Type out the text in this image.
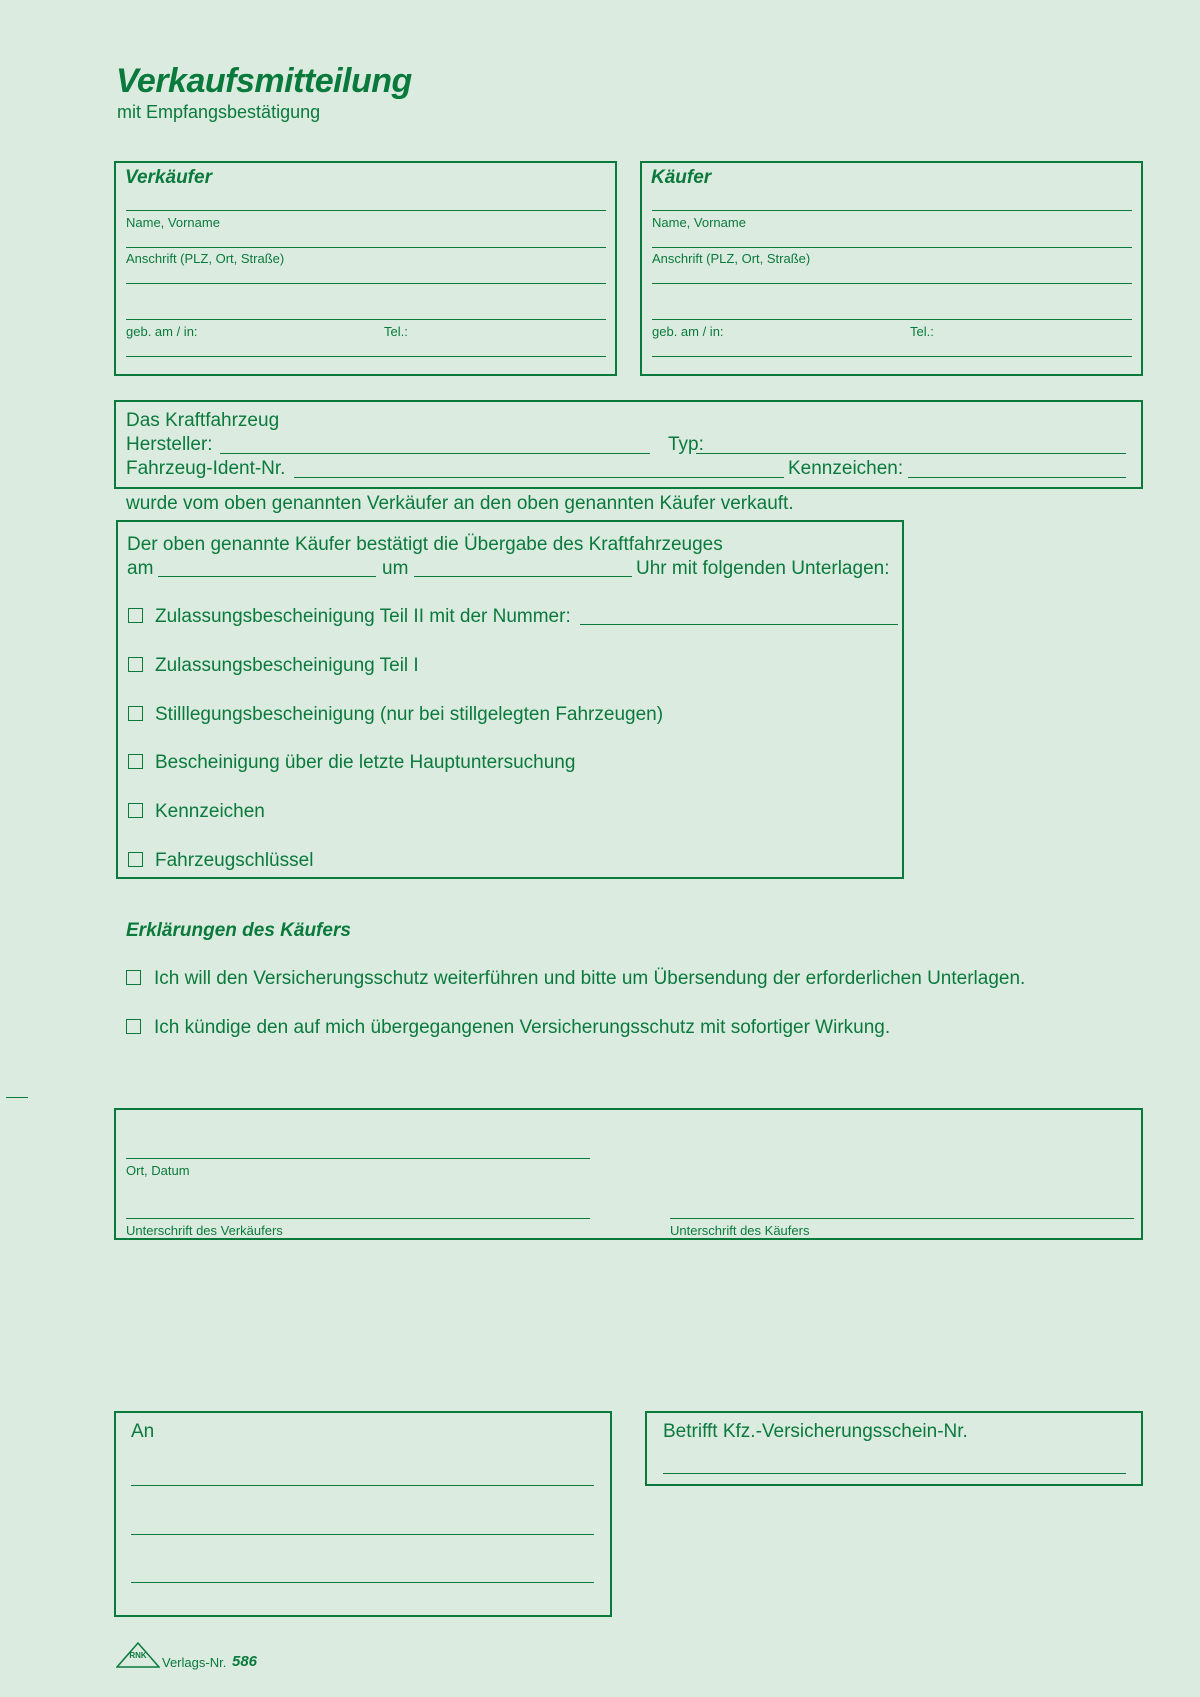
Verkaufsmitteilung
mit Empfangsbestätigung
Verkäufer
Name, Vorname
Anschrift (PLZ, Ort, Straße)
geb. am / in:	Tel.:
Käufer
Name, Vorname
Anschrift (PLZ, Ort, Straße)
geb. am / in:	Tel.:
Das Kraftfahrzeug
Hersteller:	Typ:
Fahrzeug-Ident-Nr.	Kennzeichen:
wurde vom oben genannten Verkäufer an den oben genannten Käufer verkauft.
Der oben genannte Käufer bestätigt die Übergabe des Kraftfahrzeuges
am	um	Uhr mit folgenden Unterlagen:
Zulassungsbescheinigung Teil II mit der Nummer:
Zulassungsbescheinigung Teil I
Stilllegungsbescheinigung (nur bei stillgelegten Fahrzeugen)
Bescheinigung über die letzte Hauptuntersuchung
Kennzeichen
Fahrzeugschlüssel
Erklärungen des Käufers
Ich will den Versicherungsschutz weiterführen und bitte um Übersendung der erforderlichen Unterlagen.
Ich kündige den auf mich übergegangenen Versicherungsschutz mit sofortiger Wirkung.
Ort, Datum
Unterschrift des Verkäufers	Unterschrift des Käufers
An	Betrifft Kfz.-Versicherungsschein-Nr.
RNK Verlags-Nr. 586
